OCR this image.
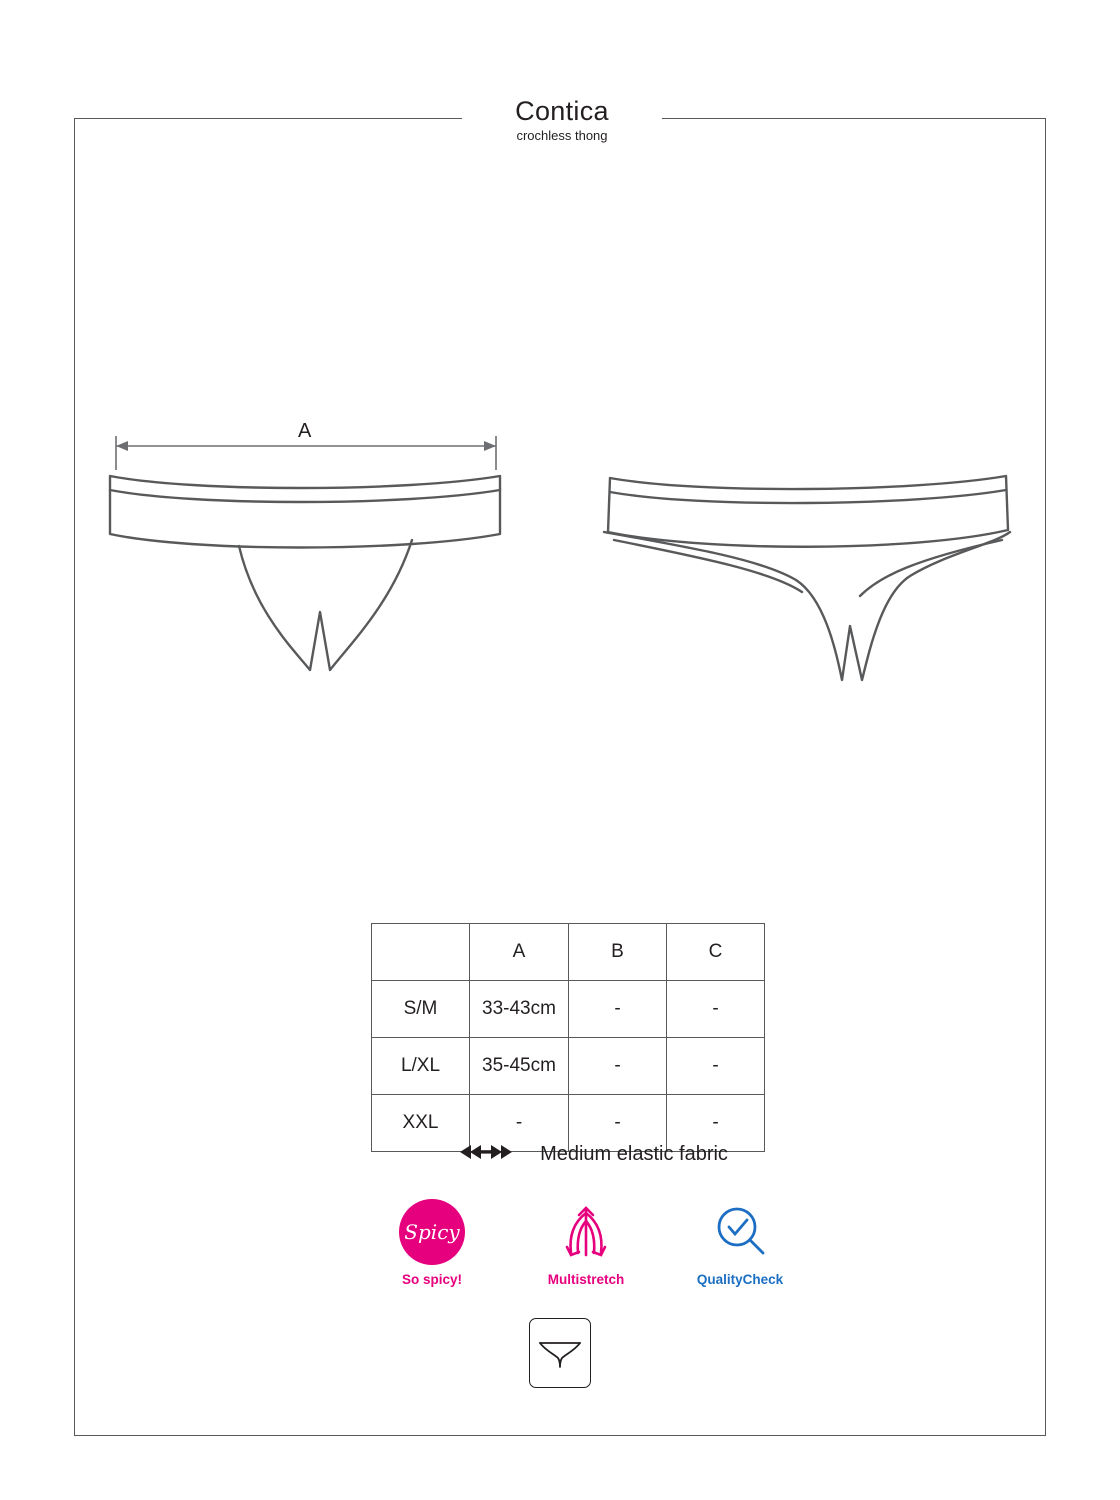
Contica
crochless thong
A
	A	B	C
S/M	33-43cm	-	-
L/XL	35-45cm	-	-
XXL	-	-	-
Medium elastic fabric
Spicy
So spicy!	Multistretch	QualityCheck
